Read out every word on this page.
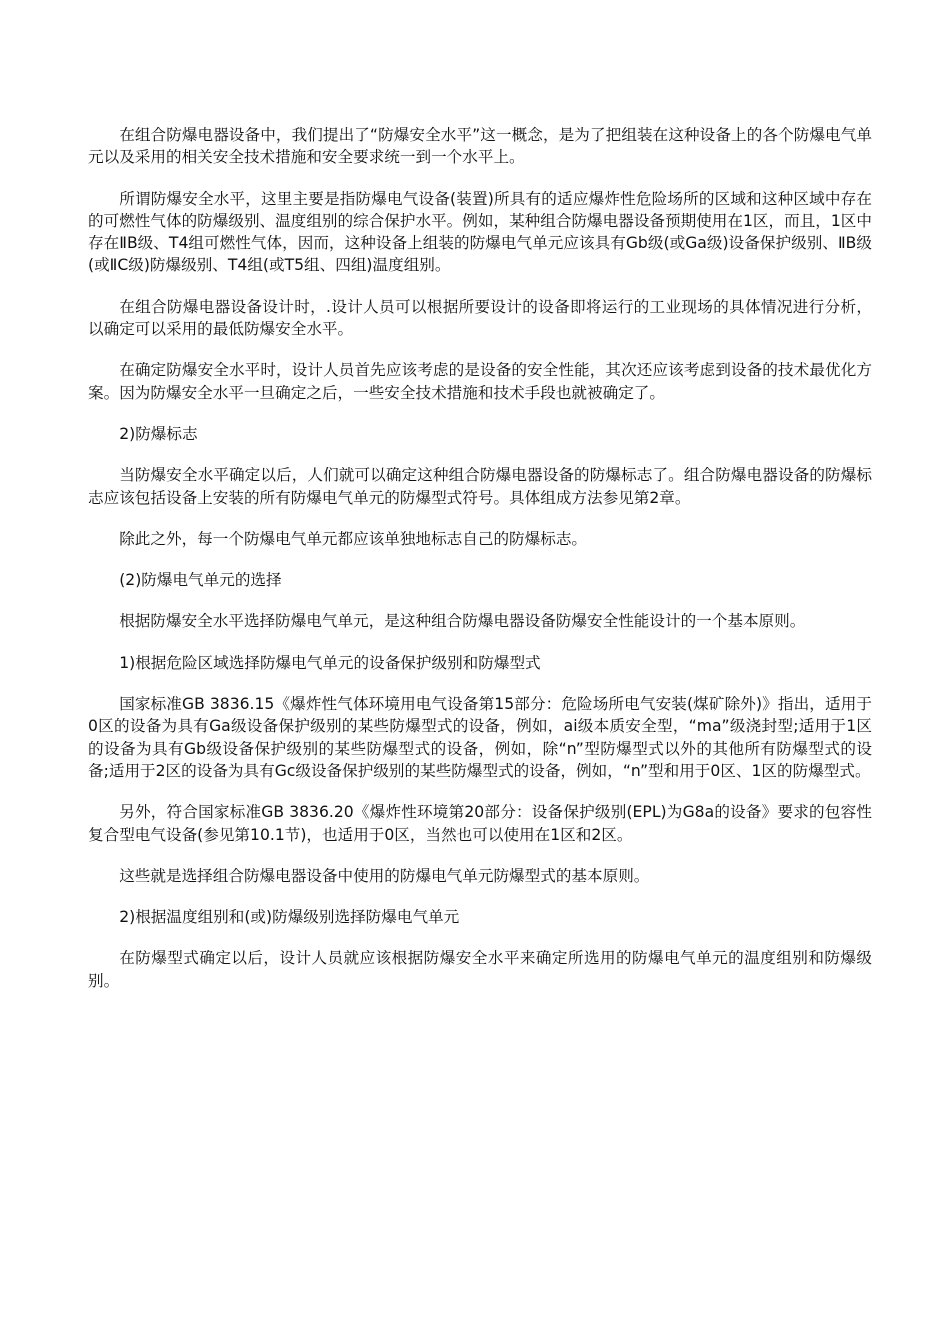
在组合防爆电器设备中，我们提出了“防爆安全水平”这一概念，是为了把组装在这种设备上的各个防爆电气单元以及采用的相关安全技术措施和安全要求统一到一个水平上。

所谓防爆安全水平，这里主要是指防爆电气设备(装置)所具有的适应爆炸性危险场所的区域和这种区域中存在的可燃性气体的防爆级别、温度组别的综合保护水平。例如，某种组合防爆电器设备预期使用在1区，而且，1区中存在ⅡB级、T4组可燃性气体，因而，这种设备上组装的防爆电气单元应该具有Gb级(或Ga级)设备保护级别、ⅡB级(或ⅡC级)防爆级别、T4组(或T5组、四组)温度组别。

在组合防爆电器设备设计时，.设计人员可以根据所要设计的设备即将运行的工业现场的具体情况进行分析，以确定可以采用的最低防爆安全水平。

在确定防爆安全水平时，设计人员首先应该考虑的是设备的安全性能，其次还应该考虑到设备的技术最优化方案。因为防爆安全水平一旦确定之后，一些安全技术措施和技术手段也就被确定了。

2)防爆标志

当防爆安全水平确定以后，人们就可以确定这种组合防爆电器设备的防爆标志了。组合防爆电器设备的防爆标志应该包括设备上安装的所有防爆电气单元的防爆型式符号。具体组成方法参见第2章。

除此之外，每一个防爆电气单元都应该单独地标志自己的防爆标志。

(2)防爆电气单元的选择

根据防爆安全水平选择防爆电气单元，是这种组合防爆电器设备防爆安全性能设计的一个基本原则。

1)根据危险区域选择防爆电气单元的设备保护级别和防爆型式

国家标准GB 3836.15《爆炸性气体环境用电气设备第15部分：危险场所电气安装(煤矿除外)》指出，适用于0区的设备为具有Ga级设备保护级别的某些防爆型式的设备，例如，ai级本质安全型，“ma”级浇封型;适用于1区的设备为具有Gb级设备保护级别的某些防爆型式的设备，例如，除“n”型防爆型式以外的其他所有防爆型式的设备;适用于2区的设备为具有Gc级设备保护级别的某些防爆型式的设备，例如，“n”型和用于0区、1区的防爆型式。

另外，符合国家标准GB 3836.20《爆炸性环境第20部分：设备保护级别(EPL)为G8a的设备》要求的包容性复合型电气设备(参见第10.1节)，也适用于0区，当然也可以使用在1区和2区。

这些就是选择组合防爆电器设备中使用的防爆电气单元防爆型式的基本原则。

2)根据温度组别和(或)防爆级别选择防爆电气单元

在防爆型式确定以后，设计人员就应该根据防爆安全水平来确定所选用的防爆电气单元的温度组别和防爆级别。
